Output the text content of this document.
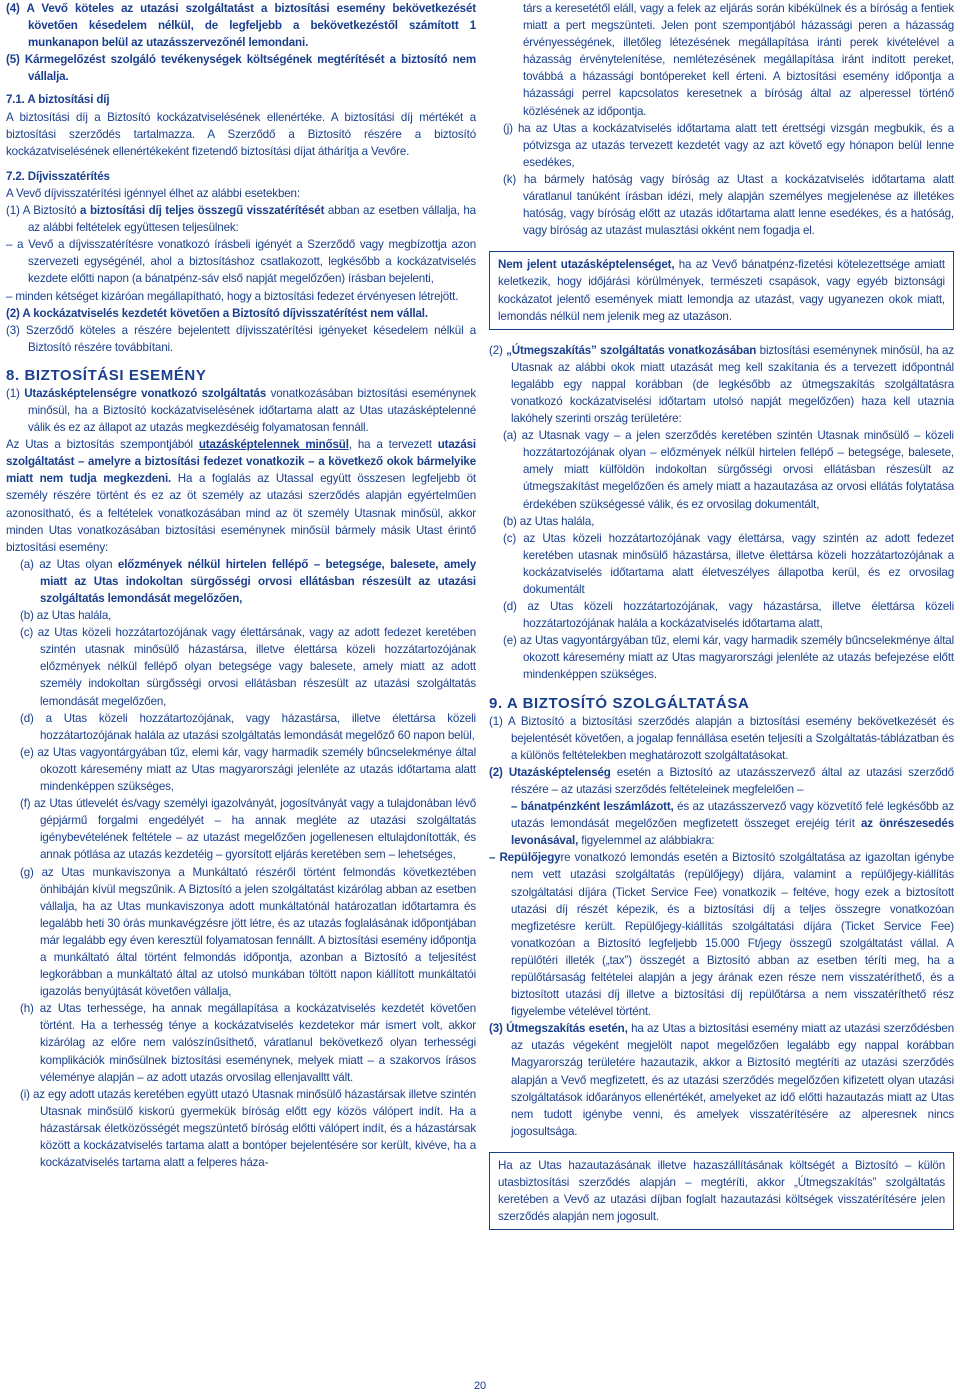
(4) A Vevő köteles az utazási szolgáltatást a biztosítási esemény bekövetkezését követően késedelem nélkül, de legfeljebb a bekövetkezéstől számított 1 munkanapon belül az utazásszervezőnél lemondani.

(5) Kármegelőzést szolgáló tevékenységek költségének megtérítését a biztosító nem vállalja.

7.1. A biztosítási díj

A biztosítási díj a Biztosító kockázatviselésének ellenértéke. A biztosítási díj mértékét a biztosítási szerződés tartalmazza. A Szerződő a Biztosító részére a biztosító kockázatviselésének ellenértékeként fizetendő biztosítási díjat áthárítja a Vevőre.

7.2. Díjvisszatérítés

A Vevő díjvisszatérítési igénnyel élhet az alábbi esetekben:

(1) A Biztosító a biztosítási díj teljes összegű visszatérítését abban az esetben vállalja, ha az alábbi feltételek együttesen teljesülnek:

– a Vevő a díjvisszatérítésre vonatkozó írásbeli igényét a Szerződő vagy megbízottja azon szervezeti egységénél, ahol a biztosításhoz csatlakozott, legkésőbb a kockázatviselés kezdete előtti napon (a bánatpénz-sáv első napját megelőzően) írásban bejelenti,

– minden kétséget kizáróan megállapítható, hogy a biztosítási fedezet érvényesen létrejött.

(2) A kockázatviselés kezdetét követően a Biztosító díjvisszatérítést nem vállal.

(3) Szerződő köteles a részére bejelentett díjvisszatérítési igényeket késedelem nélkül a Biztosító részére továbbítani.

8. BIZTOSÍTÁSI ESEMÉNY

(1) Utazásképtelenségre vonatkozó szolgáltatás vonatkozásában biztosítási eseménynek minősül, ha a Biztosító kockázatviselésének időtartama alatt az Utas utazásképtelenné válik és ez az állapot az utazás megkezdéséig folyamatosan fennáll.

Az Utas a biztosítás szempontjából utazásképtelennek minősül, ha a tervezett utazási szolgáltatást – amelyre a biztosítási fedezet vonatkozik – a következő okok bármelyike miatt nem tudja megkezdeni. Ha a foglalás az Utassal együtt összesen legfeljebb öt személy részére történt és ez az öt személy az utazási szerződés alapján egyértelműen azonosítható, és a feltételek vonatkozásában mind az öt személy Utasnak minősül, akkor minden Utas vonatkozásában biztosítási eseménynek minősül bármely másik Utast érintő biztosítási esemény:

(a) az Utas olyan előzmények nélkül hirtelen fellépő – betegsége, balesete, amely miatt az Utas indokoltan sürgősségi orvosi ellátásban részesült az utazási szolgáltatás lemondását megelőzően,

(b) az Utas halála,

(c) az Utas közeli hozzátartozójának vagy élettársának, vagy az adott fedezet keretében szintén utasnak minősülő házastársa, illetve élettársa közeli hozzátartozójának előzmények nélkül fellépő olyan betegsége vagy balesete, amely miatt az adott személy indokoltan sürgősségi orvosi ellátásban részesült az utazási szolgáltatás lemondását megelőzően,

(d) a Utas közeli hozzátartozójának, vagy házastársa, illetve élettársa közeli hozzátartozójának halála az utazási szolgáltatás lemondását megelőző 60 napon belül,

(e) az Utas vagyontárgyában tűz, elemi kár, vagy harmadik személy bűncselekménye által okozott káresemény miatt az Utas magyarországi jelenléte az utazás időtartama alatt mindenképpen szükséges,

(f) az Utas útlevelét és/vagy személyi igazolványát, jogosítványát vagy a tulajdonában lévő gépjármű forgalmi engedélyét – ha annak megléte az utazási szolgáltatás igénybevételének feltétele – az utazást megelőzően jogellenesen eltulajdonították, és annak pótlása az utazás kezdetéig – gyorsított eljárás keretében sem – lehetséges,

(g) az Utas munkaviszonya a Munkáltató részéről történt felmondás következtében önhibáján kívül megszűnik. A Biztosító a jelen szolgáltatást kizárólag abban az esetben vállalja, ha az Utas munkaviszonya adott munkáltatónál határozatlan időtartamra és legalább heti 30 órás munkavégzésre jött létre, és az utazás foglalásának időpontjában már legalább egy éven keresztül folyamatosan fennállt. A biztosítási esemény időpontja a munkáltató által történt felmondás időpontja, azonban a Biztosító a teljesítést legkorábban a munkáltató által az utolsó munkában töltött napon kiállított munkáltatói igazolás benyújtását követően vállalja,

(h) az Utas terhessége, ha annak megállapítása a kockázatviselés kezdetét követően történt. Ha a terhesség ténye a kockázatviselés kezdetekor már ismert volt, akkor kizárólag az előre nem valószínűsíthető, váratlanul bekövetkező olyan terhességi komplikációk minősülnek biztosítási eseménynek, melyek miatt – a szakorvos írásos véleménye alapján – az adott utazás orvosilag ellenjavalltt vált.

(i) az egy adott utazás keretében együtt utazó Utasnak minősülő házastársak illetve szintén Utasnak minősülő kiskorú gyermekük bíróság előtt egy közös válópert indít. Ha a házastársak életközösségét megszüntető bíróság előtti válópert indít, és a házastársak között a kockázatviselés tartama alatt a bontóper bejelentésére sor került, kivéve, ha a kockázatviselés tartama alatt a felperes háza-

társ a keresetétől eláll, vagy a felek az eljárás során kibékülnek és a bíróság a fentiek miatt a pert megszünteti. Jelen pont szempontjából házassági peren a házasság érvényességének, illetőleg létezésének megállapítása iránti perek kivételével a házasság érvénytelenítése, nemlétezésének megállapítása iránt indított pereket, továbbá a házassági bontópereket kell érteni. A biztosítási esemény időpontja a házassági perrel kapcsolatos keresetnek a bíróság által az alperessel történő közlésének az időpontja.

(j) ha az Utas a kockázatviselés időtartama alatt tett érettségi vizsgán megbukik, és a pótvizsga az utazás tervezett kezdetét vagy az azt követő egy hónapon belül lenne esedékes,

(k) ha bármely hatóság vagy bíróság az Utast a kockázatviselés időtartama alatt váratlanul tanúként írásban idézi, mely alapján személyes megjelenése az illetékes hatóság, vagy bíróság előtt az utazás időtartama alatt lenne esedékes, és a hatóság, vagy bíróság az utazást mulasztási okként nem fogadja el.

Nem jelent utazásképtelenséget, ha az Vevő bánatpénz-fizetési kötelezettsége amiatt keletkezik, hogy időjárási körülmények, természeti csapások, vagy egyéb biztonsági kockázatot jelentő események miatt lemondja az utazást, vagy ugyanezen okok miatt, lemondás nélkül nem jelenik meg az utazáson.

(2) „Útmegszakítás” szolgáltatás vonatkozásában biztosítási eseménynek minősül, ha az Utasnak az alábbi okok miatt utazását meg kell szakítania és a tervezett időpontnál legalább egy nappal korábban (de legkésőbb az útmegszakítás szolgáltatásra vonatkozó kockázatviselési időtartam utolsó napját megelőzően) haza kell utaznia lakóhely szerinti ország területére:

(a) az Utasnak vagy – a jelen szerződés keretében szintén Utasnak minősülő – közeli hozzátartozójának olyan – előzmények nélkül hirtelen fellépő – betegsége, balesete, amely miatt külföldön indokoltan sürgősségi orvosi ellátásban részesült az útmegszakítást megelőzően és amely miatt a hazautazása az orvosi ellátás folytatása érdekében szükségessé válik, és ez orvosilag dokumentált,

(b) az Utas halála,

(c) az Utas közeli hozzátartozójának vagy élettársa, vagy szintén az adott fedezet keretében utasnak minősülő házastársa, illetve élettársa közeli hozzátartozójának a kockázatviselés időtartama alatt életveszélyes állapotba kerül, és ez orvosilag dokumentált

(d) az Utas közeli hozzátartozójának, vagy házastársa, illetve élettársa közeli hozzátartozójának halála a kockázatviselés időtartama alatt,

(e) az Utas vagyontárgyában tűz, elemi kár, vagy harmadik személy bűncselekménye által okozott káresemény miatt az Utas magyarországi jelenléte az utazás befejezése előtt mindenképpen szükséges.

9. A BIZTOSÍTÓ SZOLGÁLTATÁSA

(1) A Biztosító a biztosítási szerződés alapján a biztosítási esemény bekövetkezését és bejelentését követően, a jogalap fennállása esetén teljesíti a Szolgáltatás-táblázatban és a különös feltételekben meghatározott szolgáltatásokat.

(2) Utazásképtelenség esetén a Biztosító az utazásszervező által az utazási szerződő részére – az utazási szerződés feltételeinek megfelelően –
– bánatpénzként leszámlázott, és az utazásszervező vagy közvetítő felé legkésőbb az utazás lemondását megelőzően megfizetett összeget erejéig térít az önrészesedés levonásával, figyelemmel az alábbiakra:

– Repülőjegyre vonatkozó lemondás esetén a Biztosító szolgáltatása az igazoltan igénybe nem vett utazási szolgáltatás (repülőjegy) díjára, valamint a repülőjegy-kiállítás szolgáltatási díjára (Ticket Service Fee) vonatkozik – feltéve, hogy ezek a biztosított utazási díj részét képezik, és a biztosítási díj a teljes összegre vonatkozóan megfizetésre került. Repülőjegy-kiállítás szolgáltatási díjára (Ticket Service Fee) vonatkozóan a Biztosító legfeljebb 15.000 Ft/jegy összegű szolgáltatást vállal. A repülőtéri illeték („tax”) összegét a Biztosító abban az esetben téríti meg, ha a repülőtársaság feltételei alapján a jegy árának ezen része nem visszatéríthető, és a biztosított utazási díj illetve a biztosítási díj repülőtársa a nem visszatéríthető rész figyelembe vételével történt.

(3) Útmegszakítás esetén, ha az Utas a biztosítási esemény miatt az utazási szerződésben az utazás végeként megjelölt napot megelőzően legalább egy nappal korábban Magyarország területére hazautazik, akkor a Biztosító megtéríti az utazási szerződés alapján a Vevő megfizetett, és az utazási szerződés megelőzően kifizetett olyan utazási szolgáltatások időarányos ellenértékét, amelyeket az idő előtti hazautazás miatt az Utas nem tudott igénybe venni, és amelyek visszatérítésére az alperesnek nincs jogosultsága.

Ha az Utas hazautazásának illetve hazaszállításának költségét a Biztosító – külön utasbiztosítási szerződés alapján – megtéríti, akkor „Útmegszakítás” szolgáltatás keretében a Vevő az utazási díjban foglalt hazautazási költségek visszatérítésére jelen szerződés alapján nem jogosult.

20
